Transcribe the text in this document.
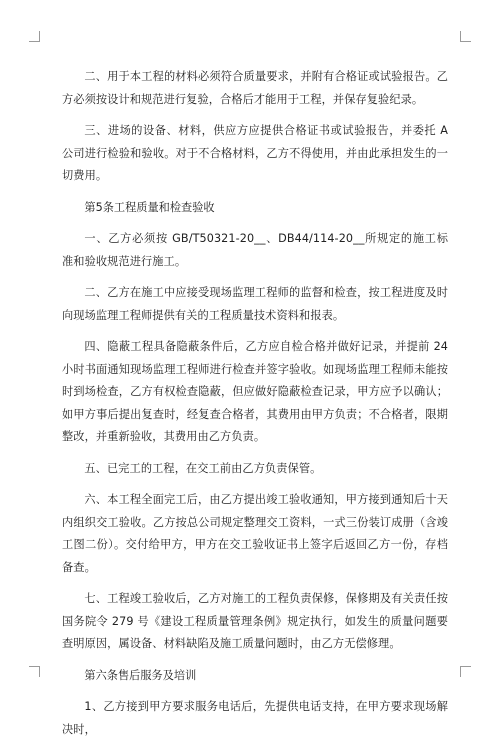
二、用于本工程的材料必须符合质量要求，并附有合格证或试验报告。乙方必须按设计和规范进行复验，合格后才能用于工程，并保存复验纪录。

三、进场的设备、材料，供应方应提供合格证书或试验报告，并委托 A 公司进行检验和验收。对于不合格材料，乙方不得使用，并由此承担发生的一切费用。

第5条工程质量和检查验收

一、乙方必须按 GB/T50321-20__、DB44/114-20__所规定的施工标准和验收规范进行施工。

二、乙方在施工中应接受现场监理工程师的监督和检查，按工程进度及时向现场监理工程师提供有关的工程质量技术资料和报表。

四、隐蔽工程具备隐蔽条件后，乙方应自检合格并做好记录，并提前 24 小时书面通知现场监理工程师进行检查并签字验收。如现场监理工程师未能按时到场检查，乙方有权检查隐蔽，但应做好隐蔽检查记录，甲方应予以确认；如甲方事后提出复查时，经复查合格者，其费用由甲方负责；不合格者，限期整改，并重新验收，其费用由乙方负责。

五、已完工的工程，在交工前由乙方负责保管。

六、本工程全面完工后，由乙方提出竣工验收通知，甲方接到通知后十天内组织交工验收。乙方按总公司规定整理交工资料，一式三份装订成册（含竣工图二份）。交付给甲方，甲方在交工验收证书上签字后返回乙方一份，存档备查。

七、工程竣工验收后，乙方对施工的工程负责保修，保修期及有关责任按国务院令 279 号《建设工程质量管理条例》规定执行，如发生的质量问题要查明原因，属设备、材料缺陷及施工质量问题时，由乙方无偿修理。

第六条售后服务及培训

1、乙方接到甲方要求服务电话后，先提供电话支持，在甲方要求现场解决时，
